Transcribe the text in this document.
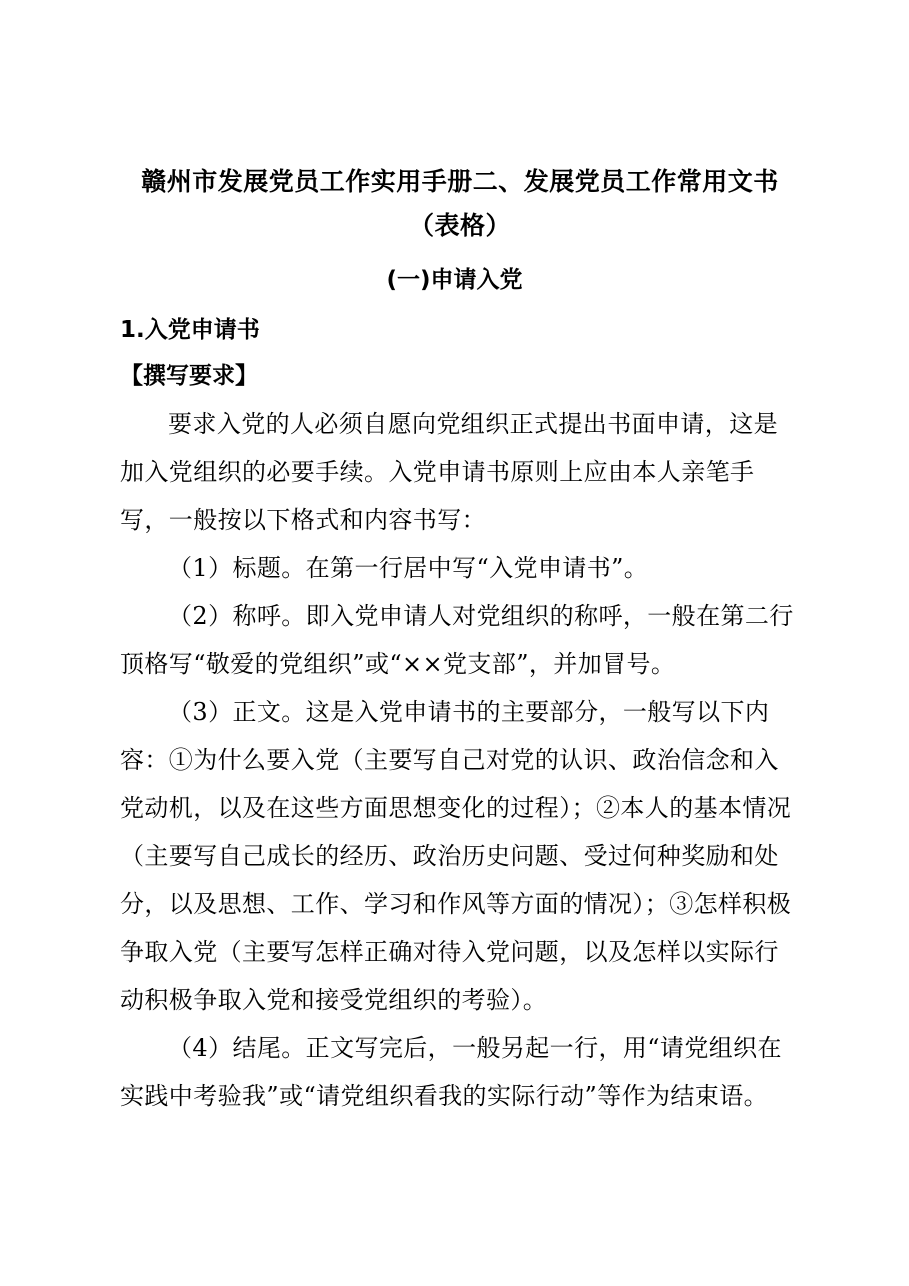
赣州市发展党员工作实用手册二、发展党员工作常用文书（表格）
(一)申请入党
1.入党申请书
【撰写要求】

要求入党的人必须自愿向党组织正式提出书面申请，这是加入党组织的必要手续。入党申请书原则上应由本人亲笔手写，一般按以下格式和内容书写：

（1）标题。在第一行居中写“入党申请书”。

（2）称呼。即入党申请人对党组织的称呼，一般在第二行顶格写“敬爱的党组织”或“××党支部”，并加冒号。

（3）正文。这是入党申请书的主要部分，一般写以下内容：①为什么要入党（主要写自己对党的认识、政治信念和入党动机，以及在这些方面思想变化的过程）；②本人的基本情况（主要写自己成长的经历、政治历史问题、受过何种奖励和处分，以及思想、工作、学习和作风等方面的情况）；③怎样积极争取入党（主要写怎样正确对待入党问题，以及怎样以实际行动积极争取入党和接受党组织的考验）。

（4）结尾。正文写完后，一般另起一行，用“请党组织在实践中考验我”或“请党组织看我的实际行动”等作为结束语。
